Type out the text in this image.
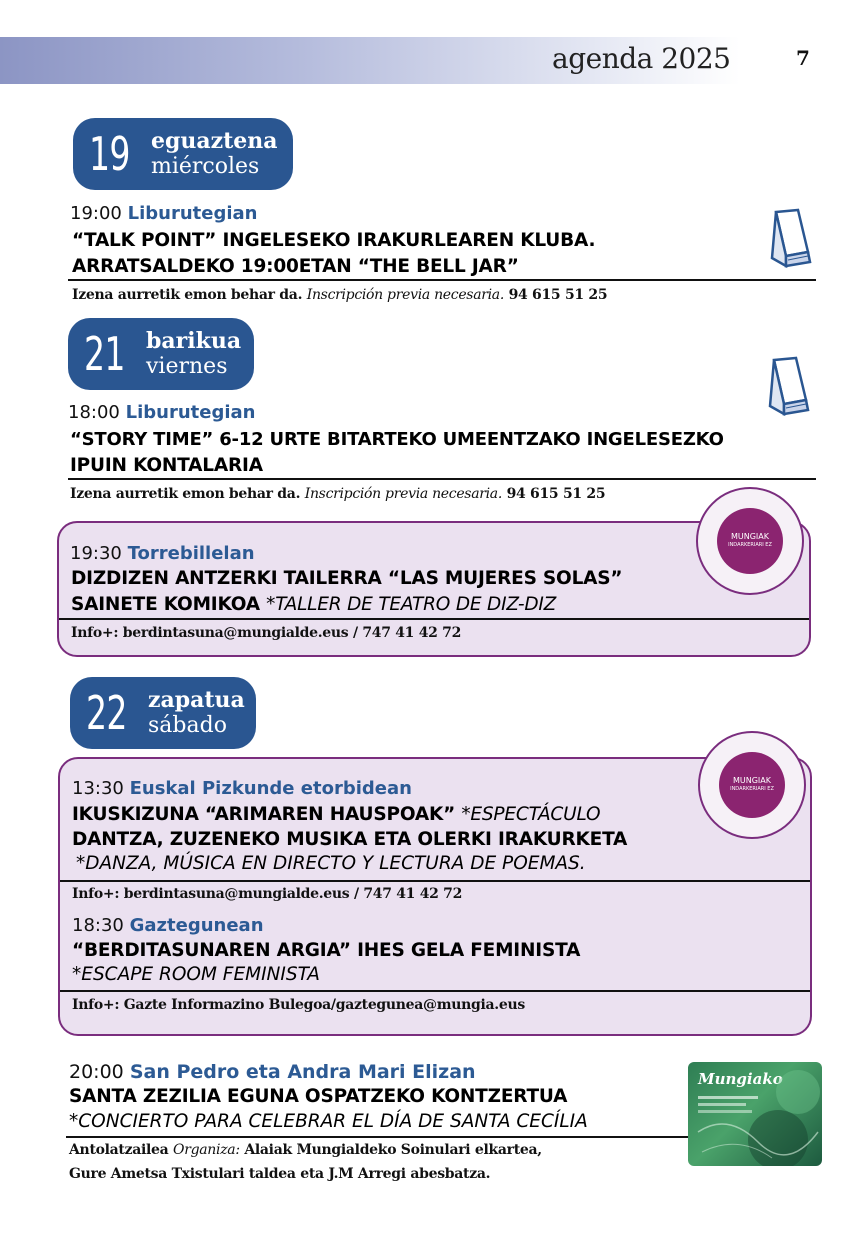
agenda 2025	7
19 eguaztena
miércoles
19:00 Liburutegian
“TALK POINT” INGELESEKO IRAKURLEAREN KLUBA.
ARRATSALDEKO 19:00ETAN “THE BELL JAR”
Izena aurretik emon behar da. Inscripción previa necesaria. 94 615 51 25
21 barikua
viernes
18:00 Liburutegian
“STORY TIME” 6-12 URTE BITARTEKO UMEENTZAKO INGELESEZKO
IPUIN KONTALARIA
Izena aurretik emon behar da. Inscripción previa necesaria. 94 615 51 25
MUNGIAK
INDARKERIARI EZ
19:30 Torrebillelan
DIZDIZEN ANTZERKI TAILERRA “LAS MUJERES SOLAS”
SAINETE KOMIKOA *TALLER DE TEATRO DE DIZ-DIZ
Info+: berdintasuna@mungialde.eus / 747 41 42 72
22 zapatua
sábado
MUNGIAK
INDARKERIARI EZ
13:30 Euskal Pizkunde etorbidean
IKUSKIZUNA “ARIMAREN HAUSPOAK” *ESPECTÁCULO
DANTZA, ZUZENEKO MUSIKA ETA OLERKI IRAKURKETA
*DANZA, MÚSICA EN DIRECTO Y LECTURA DE POEMAS.
Info+: berdintasuna@mungialde.eus / 747 41 42 72
18:30 Gaztegunean
“BERDITASUNAREN ARGIA” IHES GELA FEMINISTA
*ESCAPE ROOM FEMINISTA
Info+: Gazte Informazino Bulegoa/gaztegunea@mungia.eus
20:00 San Pedro eta Andra Mari Elizan
SANTA ZEZILIA EGUNA OSPATZEKO KONTZERTUA
*CONCIERTO PARA CELEBRAR EL DÍA DE SANTA CECÍLIA
Antolatzailea Organiza: Alaiak Mungialdeko Soinulari elkartea,
Gure Ametsa Txistulari taldea eta J.M Arregi abesbatza.
Mungiako
